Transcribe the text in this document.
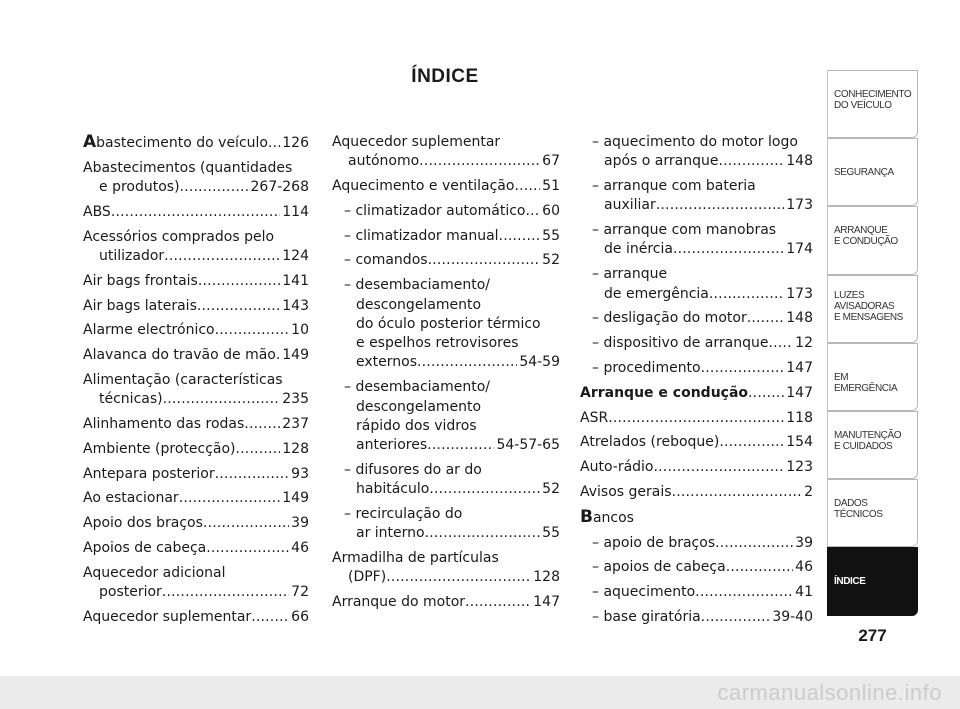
ÍNDICE
Abastecimento do veículo ..... 126
Abastecimentos (quantidades
e produtos) .....	267-268
ABS .....	114
Acessórios comprados pelo
utilizador .....	124
Air bags frontais .....	141
Air bags laterais .....	143
Alarme electrónico .....	10
Alavanca do travão de mão ..... 149
Alimentação (características
técnicas) .....	235
Alinhamento das rodas .....	237
Ambiente (protecção) .....	128
Antepara posterior .....	93
Ao estacionar .....	149
Apoio dos braços .....	39
Apoios de cabeça .....	46
Aquecedor adicional
posterior .....	72
Aquecedor suplementar .....	66
Aquecedor suplementar
autónomo .....	67
Aquecimento e ventilação ..... 51
– climatizador automático ..... 60
– climatizador manual .....	55
– comandos .....	52
– desembaciamento/
descongelamento
do óculo posterior térmico
e espelhos retrovisores
externos .....	54-59
– desembaciamento/
descongelamento
rápido dos vidros
anteriores .....	54-57-65
– difusores do ar do
habitáculo .....	52
– recirculação do
ar interno .....	55
Armadilha de partículas
(DPF) .....	128
Arranque do motor .....	147
– aquecimento do motor logo
após o arranque .....	148
– arranque com bateria
auxiliar .....	173
– arranque com manobras
de inércia .....	174
– arranque
de emergência .....	173
– desligação do motor .....	148
– dispositivo de arranque ..... 12
– procedimento .....	147
Arranque e condução .....	147
ASR .....	118
Atrelados (reboque) .....	154
Auto-rádio .....	123
Avisos gerais .....	2
Bancos
– apoio de braços .....	39
– apoios de cabeça .....	46
– aquecimento .....	41
– base giratória .....	39-40
CONHECIMENTO
DO VEÍCULO
SEGURANÇA
ARRANQUE
E CONDUÇÃO
LUZES
AVISADORAS
E MENSAGENS
EM EMERGÊNCIA
MANUTENÇÃO
E CUIDADOS
DADOS
TÉCNICOS
ÍNDICE
277
carmanualsonline.info
